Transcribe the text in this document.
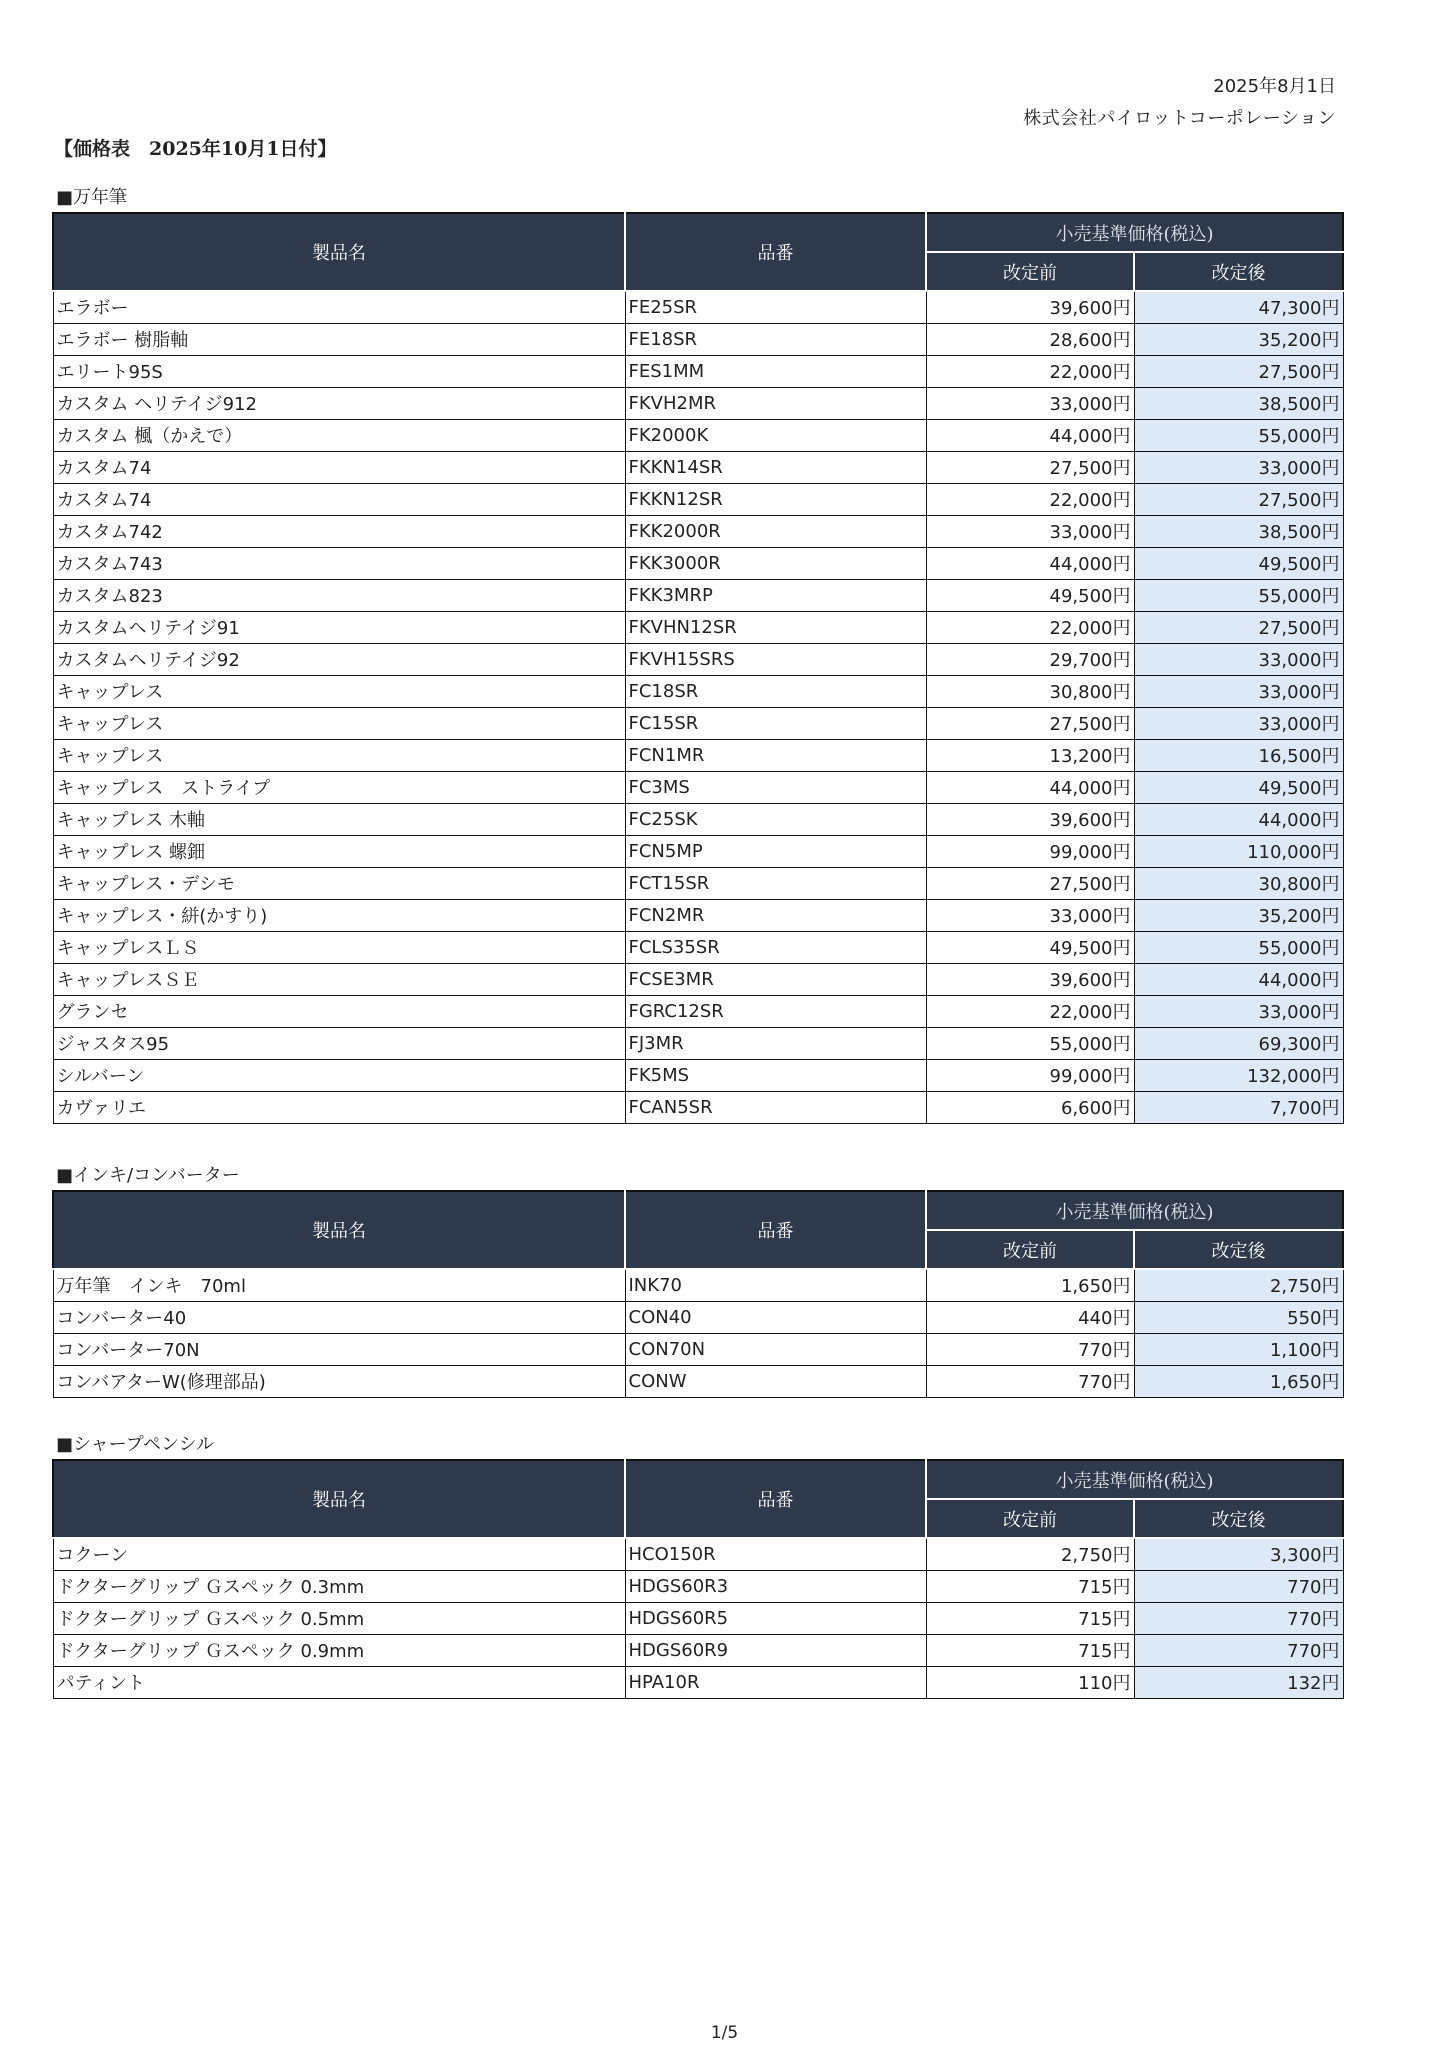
2025年8月1日
株式会社パイロットコーポレーション
【価格表　2025年10月1日付】
■万年筆
製品名	品番	小売基準価格(税込)	
		改定前	改定後
エラボー	FE25SR	39,600円	47,300円
エラボー 樹脂軸	FE18SR	28,600円	35,200円
エリート95S	FES1MM	22,000円	27,500円
カスタム ヘリテイジ912	FKVH2MR	33,000円	38,500円
カスタム 楓（かえで）	FK2000K	44,000円	55,000円
カスタム74	FKKN14SR	27,500円	33,000円
カスタム74	FKKN12SR	22,000円	27,500円
カスタム742	FKK2000R	33,000円	38,500円
カスタム743	FKK3000R	44,000円	49,500円
カスタム823	FKK3MRP	49,500円	55,000円
カスタムヘリテイジ91	FKVHN12SR	22,000円	27,500円
カスタムヘリテイジ92	FKVH15SRS	29,700円	33,000円
キャップレス	FC18SR	30,800円	33,000円
キャップレス	FC15SR	27,500円	33,000円
キャップレス	FCN1MR	13,200円	16,500円
キャップレス　ストライプ	FC3MS	44,000円	49,500円
キャップレス 木軸	FC25SK	39,600円	44,000円
キャップレス 螺鈿	FCN5MP	99,000円	110,000円
キャップレス・デシモ	FCT15SR	27,500円	30,800円
キャップレス・絣(かすり)	FCN2MR	33,000円	35,200円
キャップレスＬＳ	FCLS35SR	49,500円	55,000円
キャップレスＳＥ	FCSE3MR	39,600円	44,000円
グランセ	FGRC12SR	22,000円	33,000円
ジャスタス95	FJ3MR	55,000円	69,300円
シルバーン	FK5MS	99,000円	132,000円
カヴァリエ	FCAN5SR	6,600円	7,700円
■インキ/コンバーター
製品名	品番	小売基準価格(税込)	
		改定前	改定後
万年筆　インキ　70ml	INK70	1,650円	2,750円
コンバーター40	CON40	440円	550円
コンバーター70N	CON70N	770円	1,100円
コンバアターW(修理部品)	CONW	770円	1,650円
■シャープペンシル
製品名	品番	小売基準価格(税込)	
		改定前	改定後
コクーン	HCO150R	2,750円	3,300円
ドクターグリップ Ｇスペック 0.3mm	HDGS60R3	715円	770円
ドクターグリップ Ｇスペック 0.5mm	HDGS60R5	715円	770円
ドクターグリップ Ｇスペック 0.9mm	HDGS60R9	715円	770円
パティント	HPA10R	110円	132円
1/5
